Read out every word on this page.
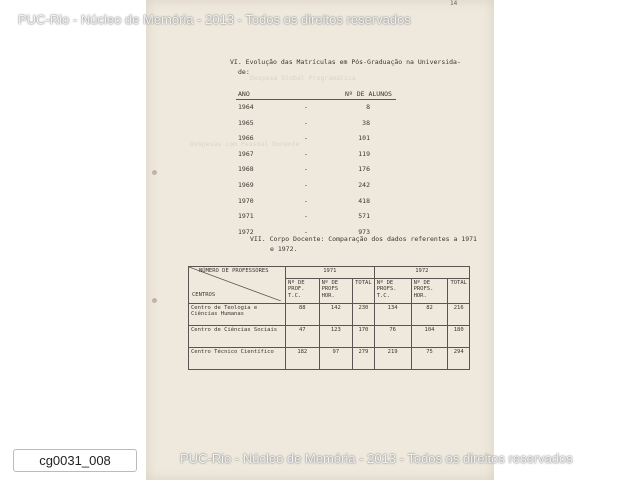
14
Despesa Global Programática
Despesas com Pessoal Docente
VI. Evolução das Matrículas em Pós-Graduação na Universida-
de:
ANO	Nº DE ALUNOS
1964	-	8
1965	-	38
1966	-	101
1967	-	119
1968	-	176
1969	-	242
1970	-	418
1971	-	571
1972	-	973
VII. Corpo Docente: Comparação dos dados referentes a 1971
e 1972.
NÚMERO DE PROFESSORES
CENTROS	1971			1972		
	Nº DE PROF. T.C.	Nº DE PROFS HOR.	TOTAL	Nº DE PROFS. T.C.	Nº DE PROFS. HOR.	TOTAL
Centro de Teologia e Ciências Humanas	88	142	230	134	82	216
Centro de Ciências Sociais	47	123	170	76	104	180
Centro Técnico Científico	182	97	279	219	75	294
PUC-Rio - Núcleo de Memória - 2013 - Todos os direitos reservados
PUC-Rio - Núcleo de Memória - 2013 - Todos os direitos reservados
cg0031_008
